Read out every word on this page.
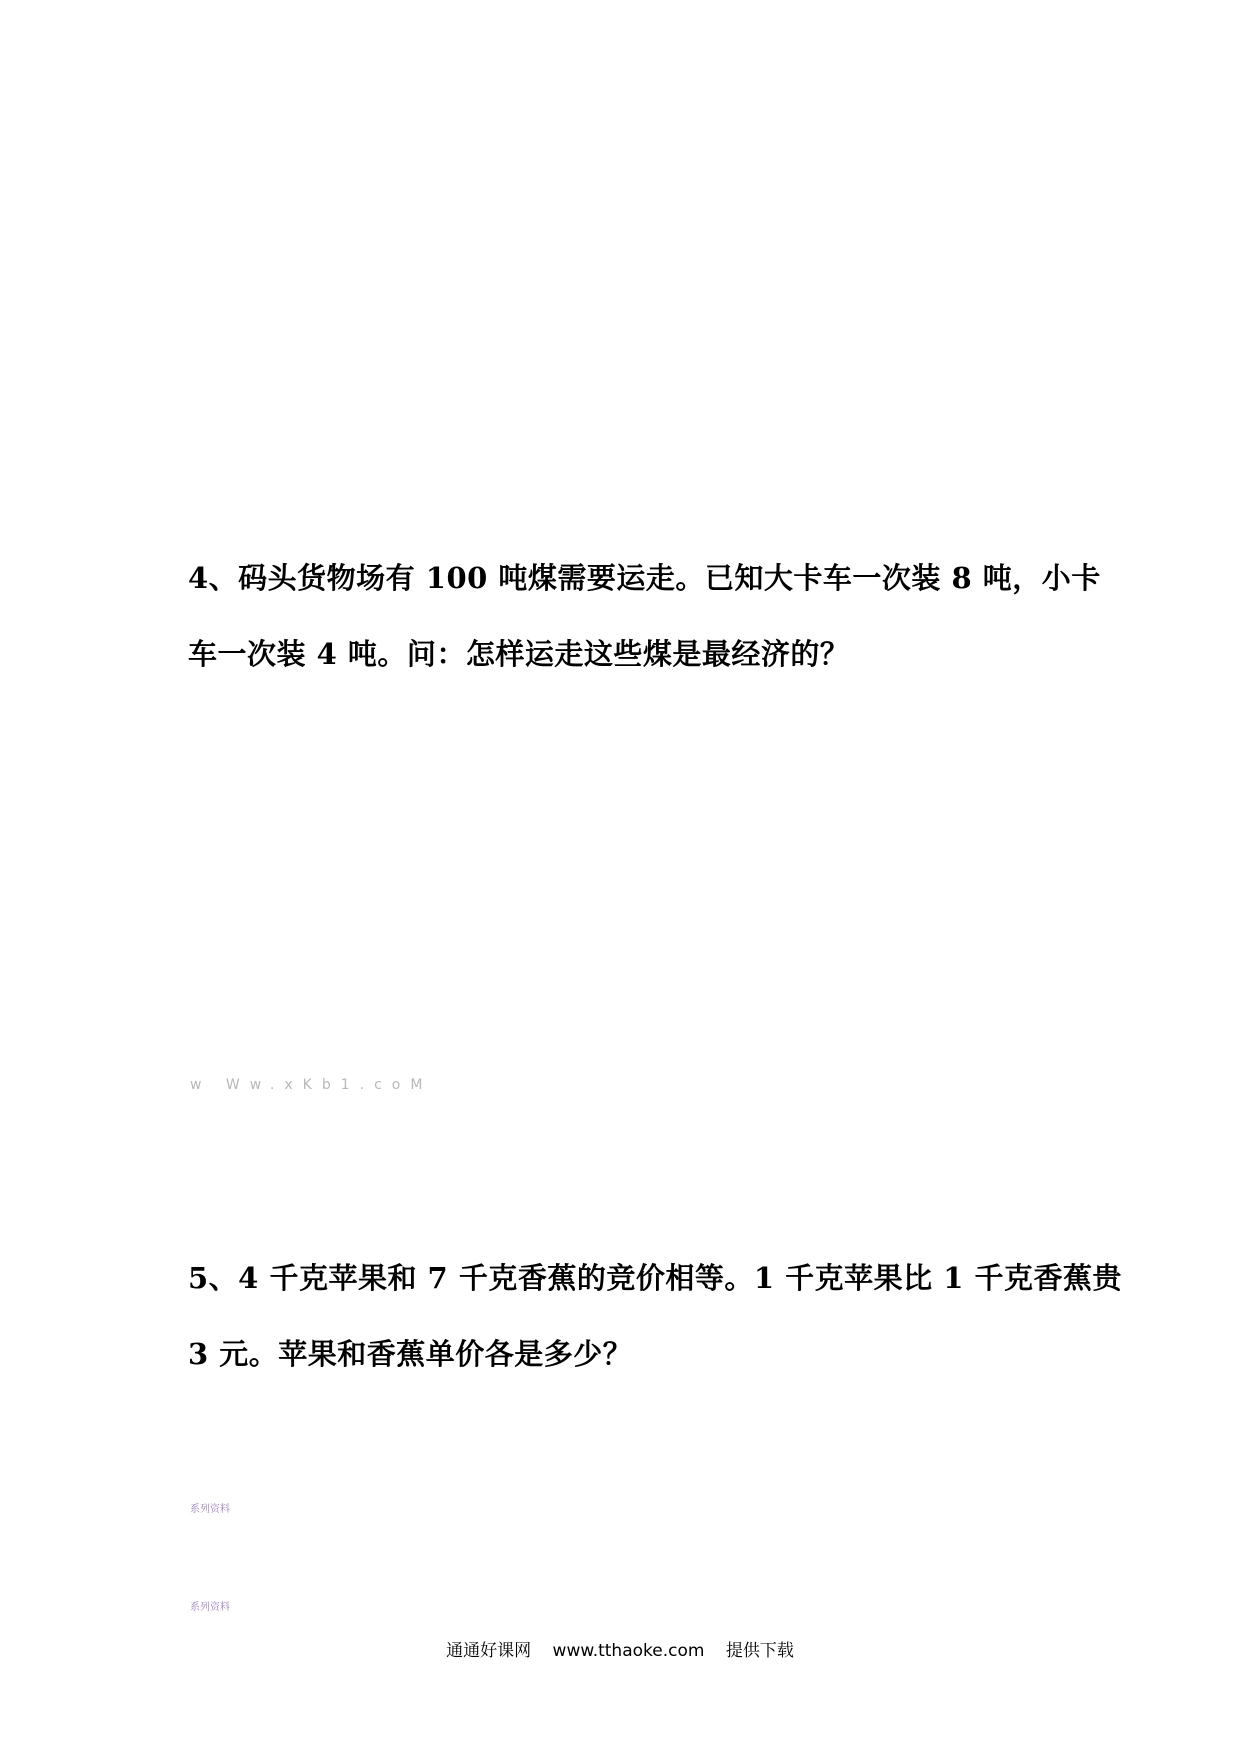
4、码头货物场有 100 吨煤需要运走。已知大卡车一次装 8 吨，小卡
车一次装 4 吨。问：怎样运走这些煤是最经济的？
w Ww.xKb1.coM
5、4 千克苹果和 7 千克香蕉的竞价相等。1 千克苹果比 1 千克香蕉贵
3 元。苹果和香蕉单价各是多少？
系列资料
系列资料
通通好课网 www.tthaoke.com 提供下载
